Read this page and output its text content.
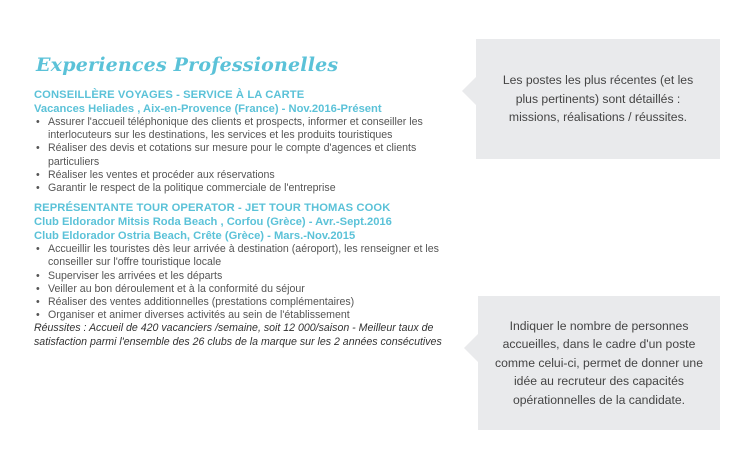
Experiences Professionelles
CONSEILLÈRE VOYAGES - SERVICE À LA CARTE
Vacances Heliades , Aix-en-Provence (France) - Nov.2016-Présent
• Assurer l'accueil téléphonique des clients et prospects, informer et conseiller les interlocuteurs sur les destinations, les services et les produits touristiques
• Réaliser des devis et cotations sur mesure pour le compte d'agences et clients particuliers
• Réaliser les ventes et procéder aux réservations
• Garantir le respect de la politique commerciale de l'entreprise
REPRÉSENTANTE TOUR OPERATOR - JET TOUR THOMAS COOK
Club Eldorador Mitsis Roda Beach , Corfou (Grèce) - Avr.-Sept.2016
Club Eldorador Ostria Beach, Crête (Grèce) - Mars.-Nov.2015
• Accueillir les touristes dès leur arrivée à destination (aéroport), les renseigner et les conseiller sur l'offre touristique locale
• Superviser les arrivées et les départs
• Veiller au bon déroulement et à la conformité du séjour
• Réaliser des ventes additionnelles (prestations complémentaires)
• Organiser et animer diverses activités au sein de l'établissement
Réussites : Accueil de 420 vacanciers /semaine, soit 12 000/saison - Meilleur taux de satisfaction parmi l'ensemble des 26 clubs de la marque sur les 2 années consécutives
Les postes les plus récentes (et les plus pertinents) sont détaillés : missions, réalisations / réussites.
Indiquer le nombre de personnes accueilles, dans le cadre d'un poste comme celui-ci, permet de donner une idée au recruteur des capacités opérationnelles de la candidate.
